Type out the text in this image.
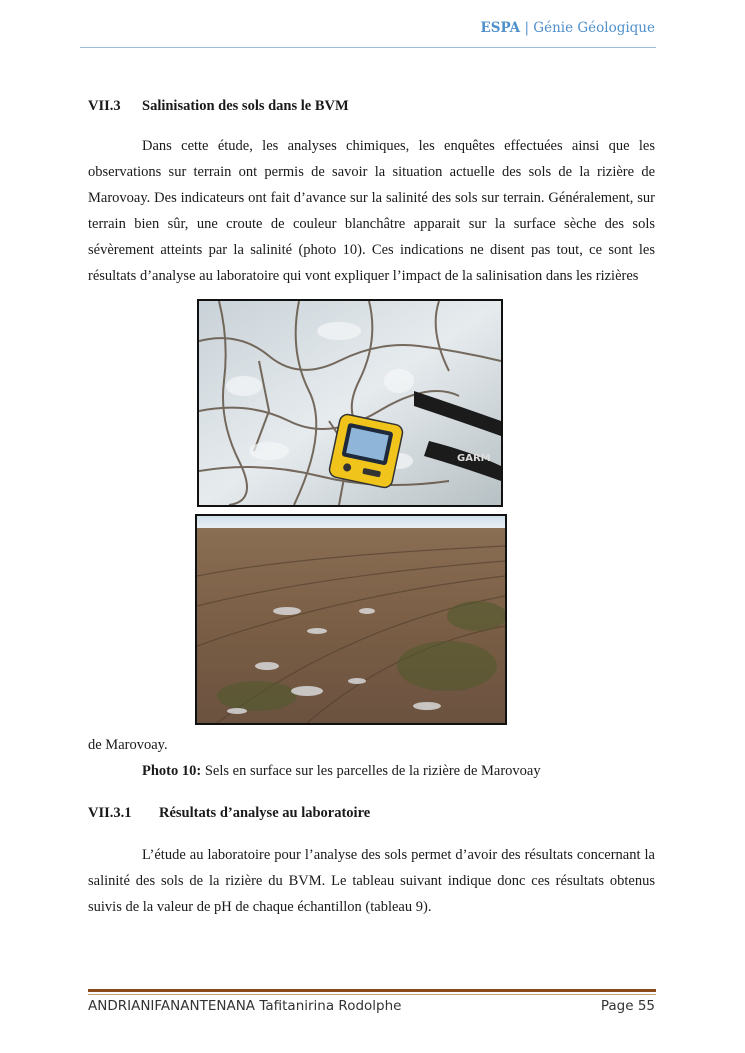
ESPA | Génie Géologique
VII.3 Salinisation des sols dans le BVM
Dans cette étude, les analyses chimiques, les enquêtes effectuées ainsi que les observations sur terrain ont permis de savoir la situation actuelle des sols de la rizière de Marovoay. Des indicateurs ont fait d’avance sur la salinité des sols sur terrain. Généralement, sur terrain bien sûr, une croute de couleur blanchâtre apparait sur la surface sèche des sols sévèrement atteints par la salinité (photo 10). Ces indications ne disent pas tout, ce sont les résultats d’analyse au laboratoire qui vont expliquer l’impact de la salinisation dans les rizières
GARM
de Marovoay.
Photo 10: Sels en surface sur les parcelles de la rizière de Marovoay
VII.3.1 Résultats d’analyse au laboratoire
L’étude au laboratoire pour l’analyse des sols permet d’avoir des résultats concernant la salinité des sols de la rizière du BVM. Le tableau suivant indique donc ces résultats obtenus suivis de la valeur de pH de chaque échantillon (tableau 9).
ANDRIANIFANANTENANA Tafitanirina Rodolphe	Page 55
